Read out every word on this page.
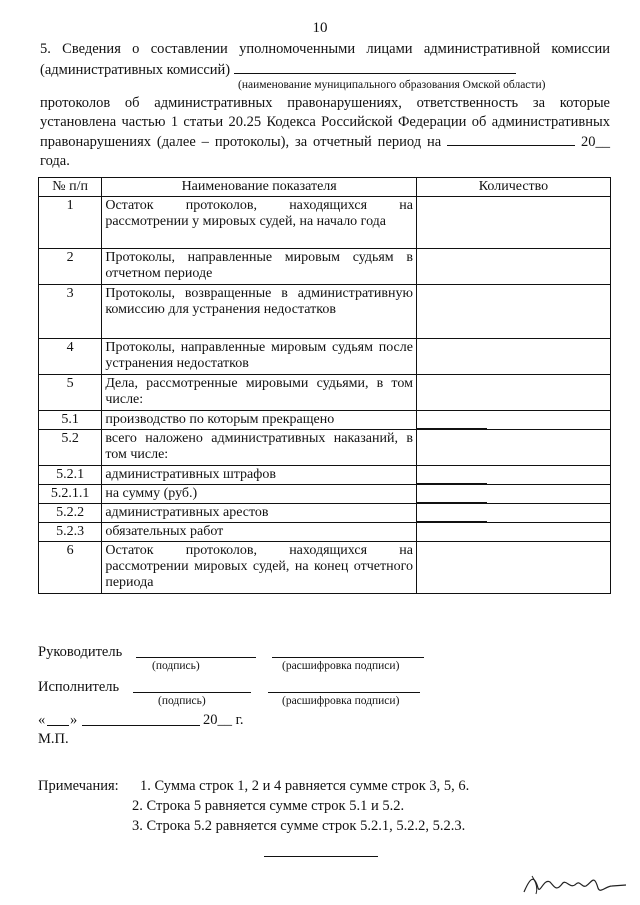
10
5. Сведения о составлении уполномоченными лицами административной комиссии (административных комиссий)
(наименование муниципального образования Омской области)
протоколов об административных правонарушениях, ответственность за которые установлена частью 1 статьи 20.25 Кодекса Российской Федерации об административных правонарушениях (далее – протоколы), за отчетный период на	20__ года.
№ п/п	Наименование показателя	Количество
1	Остаток протоколов, находящихся на рассмотрении у мировых судей, на начало года	
2	Протоколы, направленные мировым судьям в отчетном периоде	
3	Протоколы, возвращенные в административную комиссию для устранения недостатков	
4	Протоколы, направленные мировым судьям после устранения недостатков	
5	Дела, рассмотренные мировыми судьями, в том числе:	
5.1	производство по которым прекращено	
5.2	всего наложено административных наказаний, в том числе:	
5.2.1	административных штрафов	
5.2.1.1	на сумму (руб.)	
5.2.2	административных арестов	
5.2.3	обязательных работ	
6	Остаток протоколов, находящихся на рассмотрении мировых судей, на конец отчетного периода	
Руководитель
(подпись)	(расшифровка подписи)
Исполнитель
(подпись)	(расшифровка подписи)
« »	20__ г.
М.П.
Примечания: 1. Сумма строк 1, 2 и 4 равняется сумме строк 3, 5, 6.
2. Строка 5 равняется сумме строк 5.1 и 5.2.
3. Строка 5.2 равняется сумме строк 5.2.1, 5.2.2, 5.2.3.
